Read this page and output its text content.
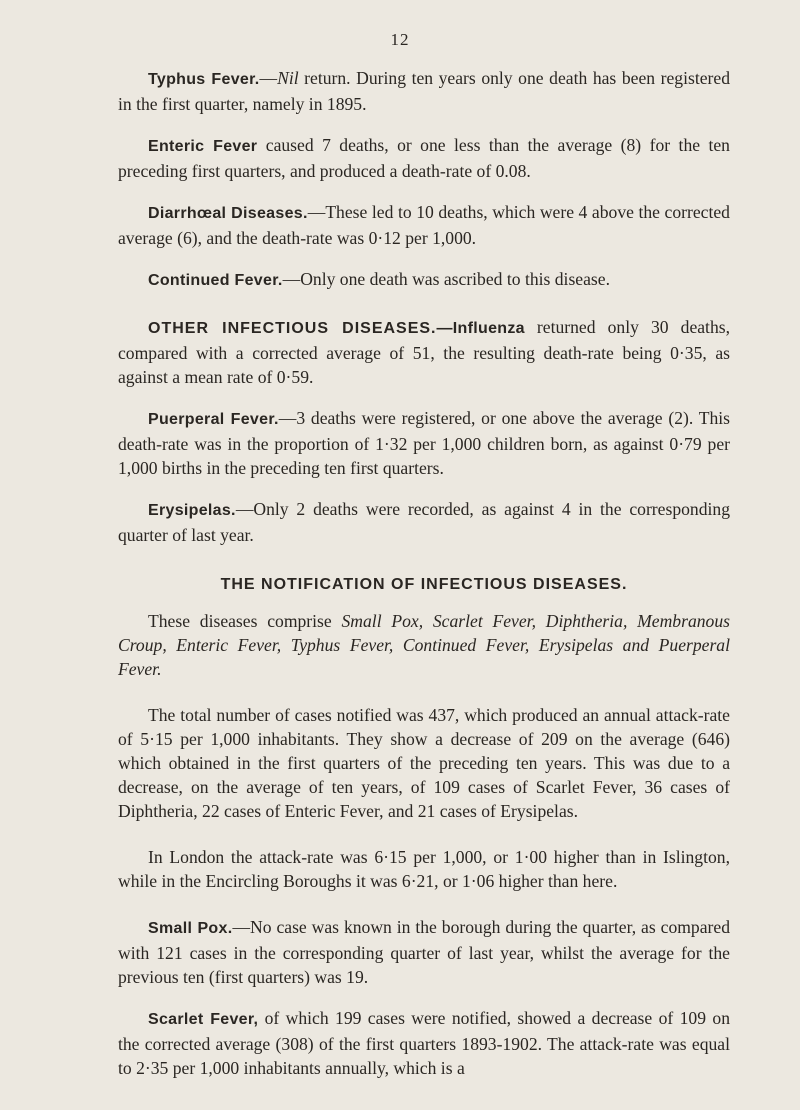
12

Typhus Fever.—Nil return. During ten years only one death has been registered in the first quarter, namely in 1895.

Enteric Fever caused 7 deaths, or one less than the average (8) for the ten preceding first quarters, and produced a death-rate of 0.08.

Diarrhœal Diseases.—These led to 10 deaths, which were 4 above the corrected average (6), and the death-rate was 0·12 per 1,000.

Continued Fever.—Only one death was ascribed to this disease.

OTHER INFECTIOUS DISEASES.—Influenza returned only 30 deaths, compared with a corrected average of 51, the resulting death-rate being 0·35, as against a mean rate of 0·59.

Puerperal Fever.—3 deaths were registered, or one above the average (2). This death-rate was in the proportion of 1·32 per 1,000 children born, as against 0·79 per 1,000 births in the preceding ten first quarters.

Erysipelas.—Only 2 deaths were recorded, as against 4 in the corresponding quarter of last year.

THE NOTIFICATION OF INFECTIOUS DISEASES.

These diseases comprise Small Pox, Scarlet Fever, Diphtheria, Membranous Croup, Enteric Fever, Typhus Fever, Continued Fever, Erysipelas and Puerperal Fever.

The total number of cases notified was 437, which produced an annual attack-rate of 5·15 per 1,000 inhabitants. They show a decrease of 209 on the average (646) which obtained in the first quarters of the preceding ten years. This was due to a decrease, on the average of ten years, of 109 cases of Scarlet Fever, 36 cases of Diphtheria, 22 cases of Enteric Fever, and 21 cases of Erysipelas.

In London the attack-rate was 6·15 per 1,000, or 1·00 higher than in Islington, while in the Encircling Boroughs it was 6·21, or 1·06 higher than here.

Small Pox.—No case was known in the borough during the quarter, as compared with 121 cases in the corresponding quarter of last year, whilst the average for the previous ten (first quarters) was 19.

Scarlet Fever, of which 199 cases were notified, showed a decrease of 109 on the corrected average (308) of the first quarters 1893-1902. The attack-rate was equal to 2·35 per 1,000 inhabitants annually, which is a
